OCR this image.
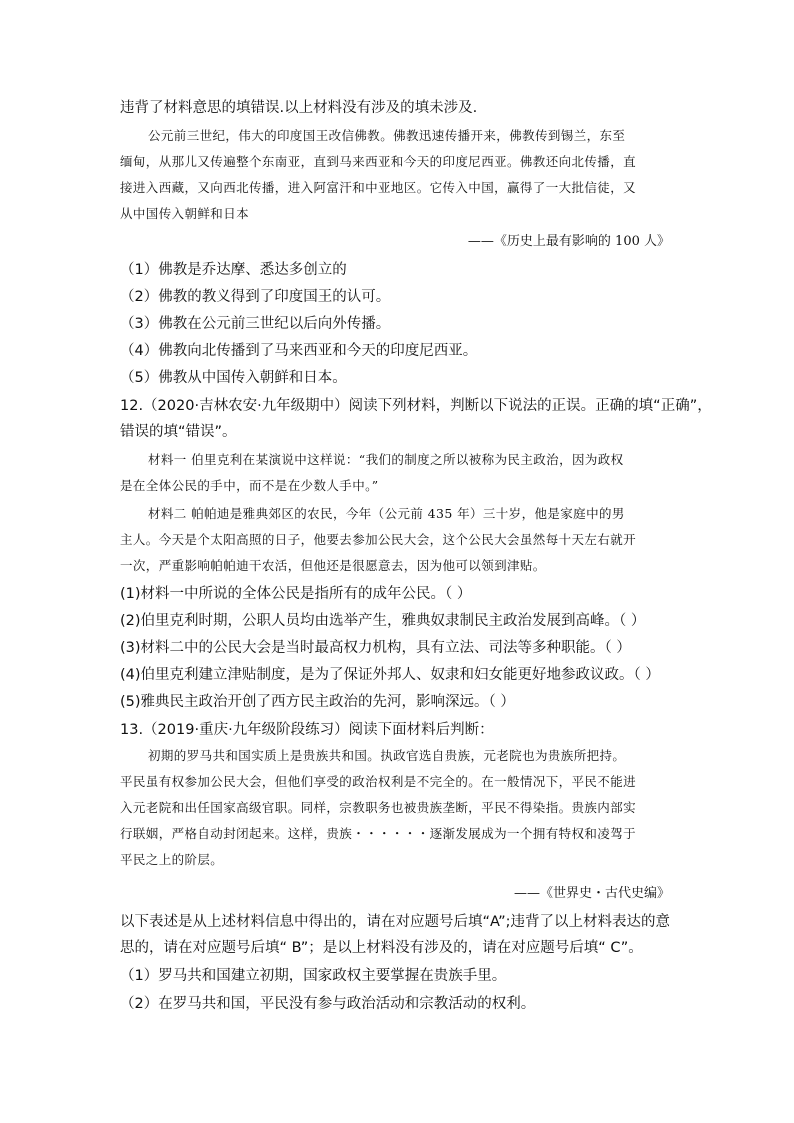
违背了材料意思的填错误.以上材料没有涉及的填未涉及.
公元前三世纪，伟大的印度国王改信佛教。佛教迅速传播开来，佛教传到锡兰，东至
缅甸，从那儿又传遍整个东南亚，直到马来西亚和今天的印度尼西亚。佛教还向北传播，直
接进入西藏，又向西北传播，进入阿富汗和中亚地区。它传入中国，赢得了一大批信徒，又
从中国传入朝鲜和日本
——《历史上最有影响的 100 人》
（1）佛教是乔达摩、悉达多创立的
（2）佛教的教义得到了印度国王的认可。
（3）佛教在公元前三世纪以后向外传播。
（4）佛教向北传播到了马来西亚和今天的印度尼西亚。
（5）佛教从中国传入朝鲜和日本。
12.（2020·吉林农安·九年级期中）阅读下列材料，判断以下说法的正误。正确的填“正确”，
错误的填“错误”。
材料一 伯里克利在某演说中这样说：“我们的制度之所以被称为民主政治，因为政权
是在全体公民的手中，而不是在少数人手中。”
材料二 帕帕迪是雅典郊区的农民，今年（公元前 435 年）三十岁，他是家庭中的男
主人。今天是个太阳高照的日子，他要去参加公民大会，这个公民大会虽然每十天左右就开
一次，严重影响帕帕迪干农活，但他还是很愿意去，因为他可以领到津贴。
(1)材料一中所说的全体公民是指所有的成年公民。（ ）
(2)伯里克利时期，公职人员均由选举产生，雅典奴隶制民主政治发展到高峰。（ ）
(3)材料二中的公民大会是当时最高权力机构，具有立法、司法等多种职能。（ ）
(4)伯里克利建立津贴制度，是为了保证外邦人、奴隶和妇女能更好地参政议政。（ ）
(5)雅典民主政治开创了西方民主政治的先河，影响深远。（ ）
13.（2019·重庆·九年级阶段练习）阅读下面材料后判断：
初期的罗马共和国实质上是贵族共和国。执政官选自贵族，元老院也为贵族所把持。
平民虽有权参加公民大会，但他们享受的政治权利是不完全的。在一般情况下，平民不能进
入元老院和出任国家高级官职。同样，宗教职务也被贵族垄断，平民不得染指。贵族内部实
行联姻，严格自动封闭起来。这样，贵族・・・・・・逐渐发展成为一个拥有特权和凌驾于
平民之上的阶层。
——《世界史・古代史编》
以下表述是从上述材料信息中得出的，请在对应题号后填“A”;违背了以上材料表达的意
思的，请在对应题号后填“ B”；是以上材料没有涉及的，请在对应题号后填“ C”。
（1）罗马共和国建立初期，国家政权主要掌握在贵族手里。
（2）在罗马共和国，平民没有参与政治活动和宗教活动的权利。
